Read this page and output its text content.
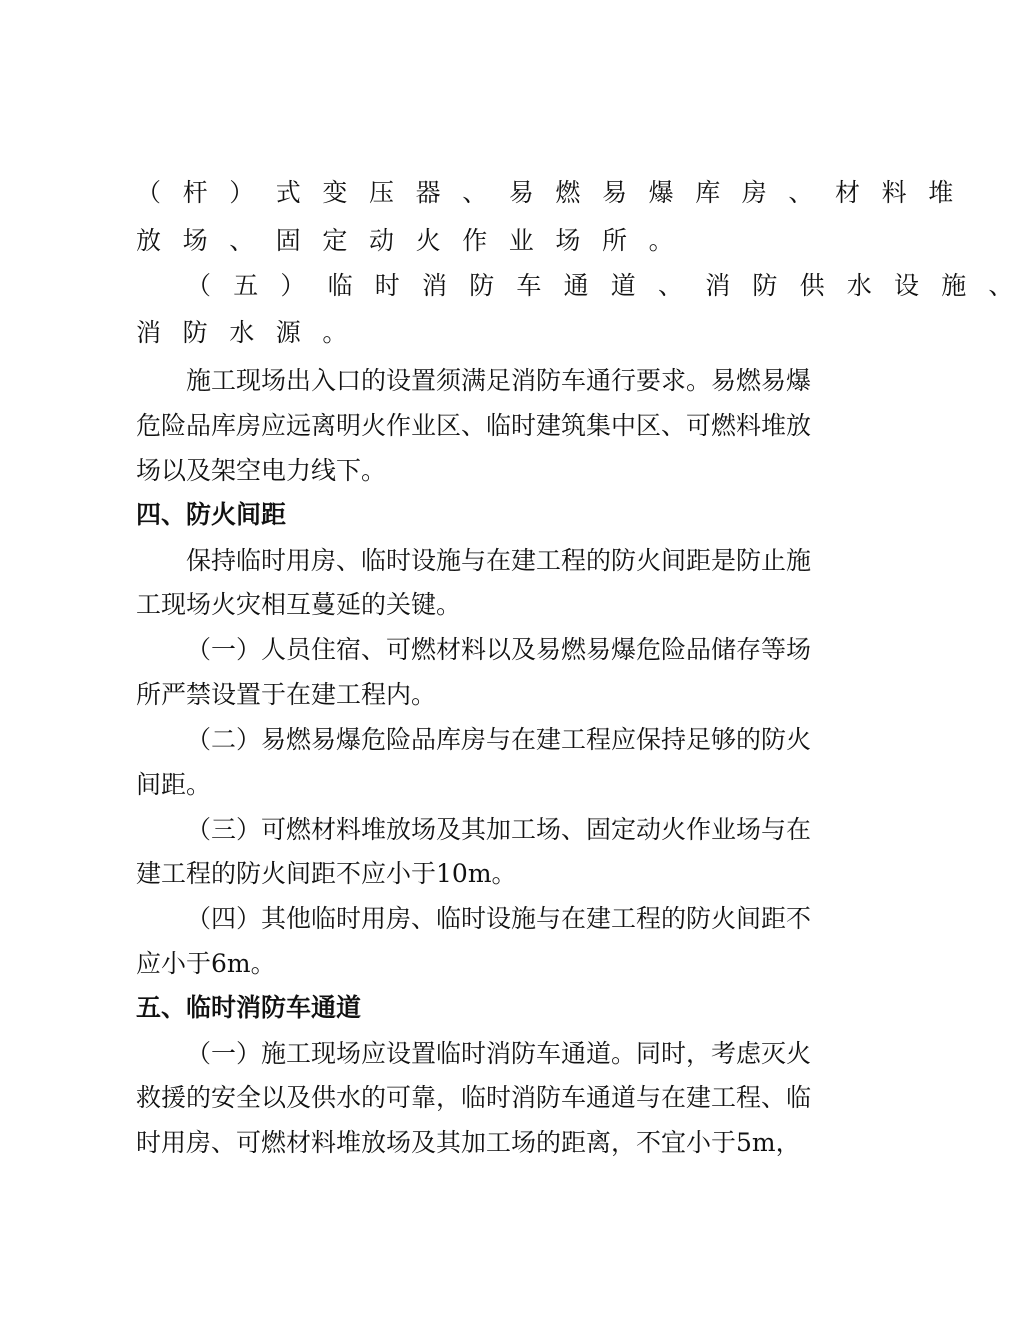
（杆）式变压器、易燃易爆库房、材料堆
放场、固定动火作业场所。
（五）临时消防车通道、消防供水设施、
消防水源。
施工现场出入口的设置须满足消防车通行要求。易燃易爆
危险品库房应远离明火作业区、临时建筑集中区、可燃料堆放
场以及架空电力线下。
四、防火间距
保持临时用房、临时设施与在建工程的防火间距是防止施
工现场火灾相互蔓延的关键。
（一）人员住宿、可燃材料以及易燃易爆危险品储存等场
所严禁设置于在建工程内。
（二）易燃易爆危险品库房与在建工程应保持足够的防火
间距。
（三）可燃材料堆放场及其加工场、固定动火作业场与在
建工程的防火间距不应小于10m。
（四）其他临时用房、临时设施与在建工程的防火间距不
应小于6m。
五、临时消防车通道
（一）施工现场应设置临时消防车通道。同时，考虑灭火
救援的安全以及供水的可靠，临时消防车通道与在建工程、临
时用房、可燃材料堆放场及其加工场的距离，不宜小于5m，
